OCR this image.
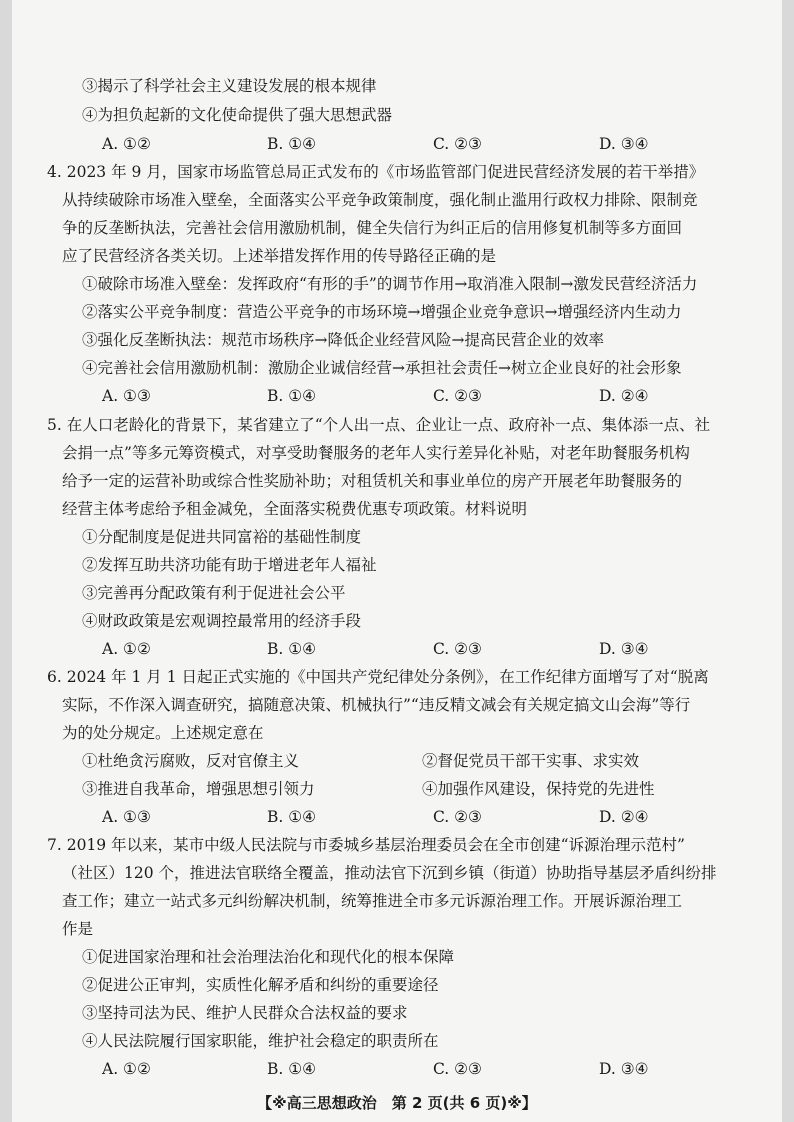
③揭示了科学社会主义建设发展的根本规律
④为担负起新的文化使命提供了强大思想武器
A. ①②	B. ①④	C. ②③	D. ③④
4. 2023 年 9 月，国家市场监管总局正式发布的《市场监管部门促进民营经济发展的若干举措》
从持续破除市场准入壁垒，全面落实公平竞争政策制度，强化制止滥用行政权力排除、限制竞
争的反垄断执法，完善社会信用激励机制，健全失信行为纠正后的信用修复机制等多方面回
应了民营经济各类关切。上述举措发挥作用的传导路径正确的是
①破除市场准入壁垒：发挥政府“有形的手”的调节作用→取消准入限制→激发民营经济活力
②落实公平竞争制度：营造公平竞争的市场环境→增强企业竞争意识→增强经济内生动力
③强化反垄断执法：规范市场秩序→降低企业经营风险→提高民营企业的效率
④完善社会信用激励机制：激励企业诚信经营→承担社会责任→树立企业良好的社会形象
A. ①③	B. ①④	C. ②③	D. ②④
5. 在人口老龄化的背景下，某省建立了“个人出一点、企业让一点、政府补一点、集体添一点、社
会捐一点”等多元筹资模式，对享受助餐服务的老年人实行差异化补贴，对老年助餐服务机构
给予一定的运营补助或综合性奖励补助；对租赁机关和事业单位的房产开展老年助餐服务的
经营主体考虑给予租金减免，全面落实税费优惠专项政策。材料说明
①分配制度是促进共同富裕的基础性制度
②发挥互助共济功能有助于增进老年人福祉
③完善再分配政策有利于促进社会公平
④财政政策是宏观调控最常用的经济手段
A. ①②	B. ①④	C. ②③	D. ③④
6. 2024 年 1 月 1 日起正式实施的《中国共产党纪律处分条例》，在工作纪律方面增写了对“脱离
实际，不作深入调查研究，搞随意决策、机械执行”“违反精文减会有关规定搞文山会海”等行
为的处分规定。上述规定意在
①杜绝贪污腐败，反对官僚主义	②督促党员干部干实事、求实效
③推进自我革命，增强思想引领力	④加强作风建设，保持党的先进性
A. ①③	B. ①④	C. ②③	D. ②④
7. 2019 年以来，某市中级人民法院与市委城乡基层治理委员会在全市创建“诉源治理示范村”
（社区）120 个，推进法官联络全覆盖，推动法官下沉到乡镇（街道）协助指导基层矛盾纠纷排
查工作；建立一站式多元纠纷解决机制，统筹推进全市多元诉源治理工作。开展诉源治理工
作是
①促进国家治理和社会治理法治化和现代化的根本保障
②促进公正审判，实质性化解矛盾和纠纷的重要途径
③坚持司法为民、维护人民群众合法权益的要求
④人民法院履行国家职能，维护社会稳定的职责所在
A. ①②	B. ①④	C. ②③	D. ③④
【※高三思想政治　第 2 页(共 6 页)※】
